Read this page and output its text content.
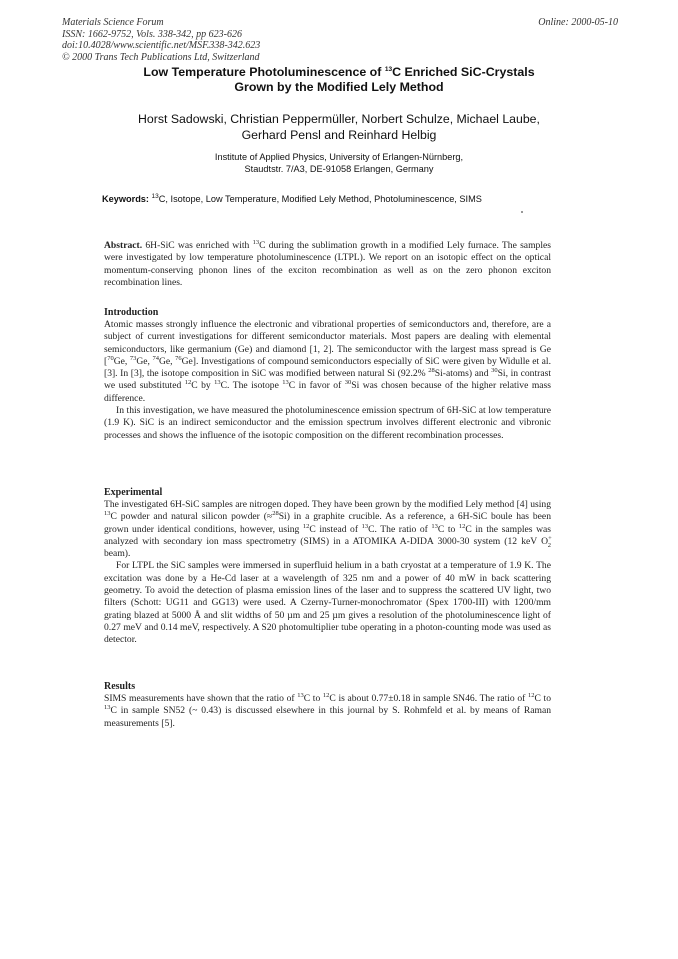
Materials Science Forum
ISSN: 1662-9752, Vols. 338-342, pp 623-626
doi:10.4028/www.scientific.net/MSF.338-342.623
© 2000 Trans Tech Publications Ltd, Switzerland
Online: 2000-05-10
Low Temperature Photoluminescence of $^{13}$C Enriched SiC-Crystals
Grown by the Modified Lely Method
Horst Sadowski, Christian Peppermüller, Norbert Schulze, Michael Laube,
Gerhard Pensl and Reinhard Helbig
Institute of Applied Physics, University of Erlangen-Nürnberg,
Staudtstr. 7/A3, DE-91058 Erlangen, Germany
Keywords: $^{13}$C, Isotope, Low Temperature, Modified Lely Method, Photoluminescence, SIMS

Abstract. 6H-SiC was enriched with $^{13}$C during the sublimation growth in a modified Lely furnace. The samples were investigated by low temperature photoluminescence (LTPL). We report on an isotopic effect on the optical momentum-conserving phonon lines of the exciton recombination as well as on the zero phonon exciton recombination lines.

Introduction

Atomic masses strongly influence the electronic and vibrational properties of semiconductors and, therefore, are a subject of current investigations for different semiconductor materials. Most papers are dealing with elemental semiconductors, like germanium (Ge) and diamond [1, 2]. The semiconductor with the largest mass spread is Ge [$^{70}$Ge, $^{73}$Ge, $^{74}$Ge, $^{76}$Ge]. Investigations of compound semiconductors especially of SiC were given by Widulle et al. [3]. In [3], the isotope composition in SiC was modified between natural Si (92.2% $^{28}$Si-atoms) and $^{30}$Si, in contrast we used substituted $^{12}$C by $^{13}$C. The isotope $^{13}$C in favor of $^{30}$Si was chosen because of the higher relative mass difference.

In this investigation, we have measured the photoluminescence emission spectrum of 6H-SiC at low temperature (1.9 K). SiC is an indirect semiconductor and the emission spectrum involves different electronic and vibronic processes and shows the influence of the isotopic composition on the different recombination processes.

Experimental

The investigated 6H-SiC samples are nitrogen doped. They have been grown by the modified Lely method [4] using $^{13}$C powder and natural silicon powder (≈$^{28}$Si) in a graphite crucible. As a reference, a 6H-SiC boule has been grown under identical conditions, however, using $^{12}$C instead of $^{13}$C. The ratio of $^{13}$C to $^{12}$C in the samples was analyzed with secondary ion mass spectrometry (SIMS) in a ATOMIKA A-DIDA 3000-30 system (12 keV $O^+_2$ beam).

For LTPL the SiC samples were immersed in superfluid helium in a bath cryostat at a temperature of 1.9 K. The excitation was done by a He-Cd laser at a wavelength of 325 nm and a power of 40 mW in back scattering geometry. To avoid the detection of plasma emission lines of the laser and to suppress the scattered UV light, two filters (Schott: UG11 and GG13) were used. A Czerny-Turner-monochromator (Spex 1700-III) with 1200/mm grating blazed at 5000 Å and slit widths of 50 µm and 25 µm gives a resolution of the photoluminescence light of 0.27 meV and 0.14 meV, respectively. A S20 photomultiplier tube operating in a photon-counting mode was used as detector.

Results

SIMS measurements have shown that the ratio of $^{13}$C to $^{12}$C is about 0.77±0.18 in sample SN46. The ratio of $^{12}$C to $^{13}$C in sample SN52 (~ 0.43) is discussed elsewhere in this journal by S. Rohmfeld et al. by means of Raman measurements [5].
